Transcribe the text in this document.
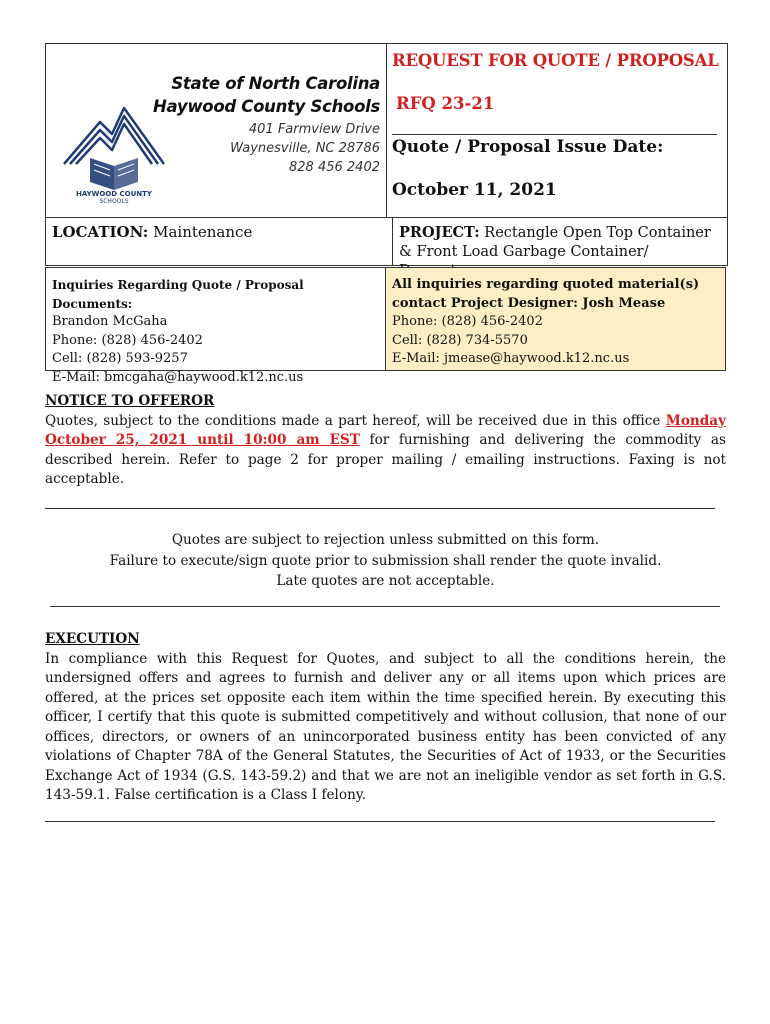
HAYWOOD COUNTY
SCHOOLS
State of North Carolina
Haywood County Schools
401 Farmview Drive
Waynesville, NC 28786
828 456 2402
REQUEST FOR QUOTE / PROPOSAL
RFQ 23-21
Quote / Proposal Issue Date:
October 11, 2021
LOCATION: Maintenance	PROJECT: Rectangle Open Top Container & Front Load Garbage Container/
Inquiries Regarding Quote / Proposal Documents:
Brandon McGaha
Phone: (828) 456-2402
Cell: (828) 593-9257
E-Mail: bmcgaha@haywood.k12.nc.us
All inquiries regarding quoted material(s)
contact Project Designer: Josh Mease
Phone: (828) 456-2402
Cell: (828) 734-5570
E-Mail: jmease@haywood.k12.nc.us
NOTICE TO OFFEROR
Quotes, subject to the conditions made a part hereof, will be received due in this office Monday October 25, 2021 until 10:00 am EST for furnishing and delivering the commodity as described herein. Refer to page 2 for proper mailing / emailing instructions. Faxing is not acceptable.
Quotes are subject to rejection unless submitted on this form.
Failure to execute/sign quote prior to submission shall render the quote invalid.
Late quotes are not acceptable.
EXECUTION
In compliance with this Request for Quotes, and subject to all the conditions herein, the undersigned offers and agrees to furnish and deliver any or all items upon which prices are offered, at the prices set opposite each item within the time specified herein. By executing this officer, I certify that this quote is submitted competitively and without collusion, that none of our offices, directors, or owners of an unincorporated business entity has been convicted of any violations of Chapter 78A of the General Statutes, the Securities of Act of 1933, or the Securities Exchange Act of 1934 (G.S. 143-59.2) and that we are not an ineligible vendor as set forth in G.S. 143-59.1. False certification is a Class I felony.
